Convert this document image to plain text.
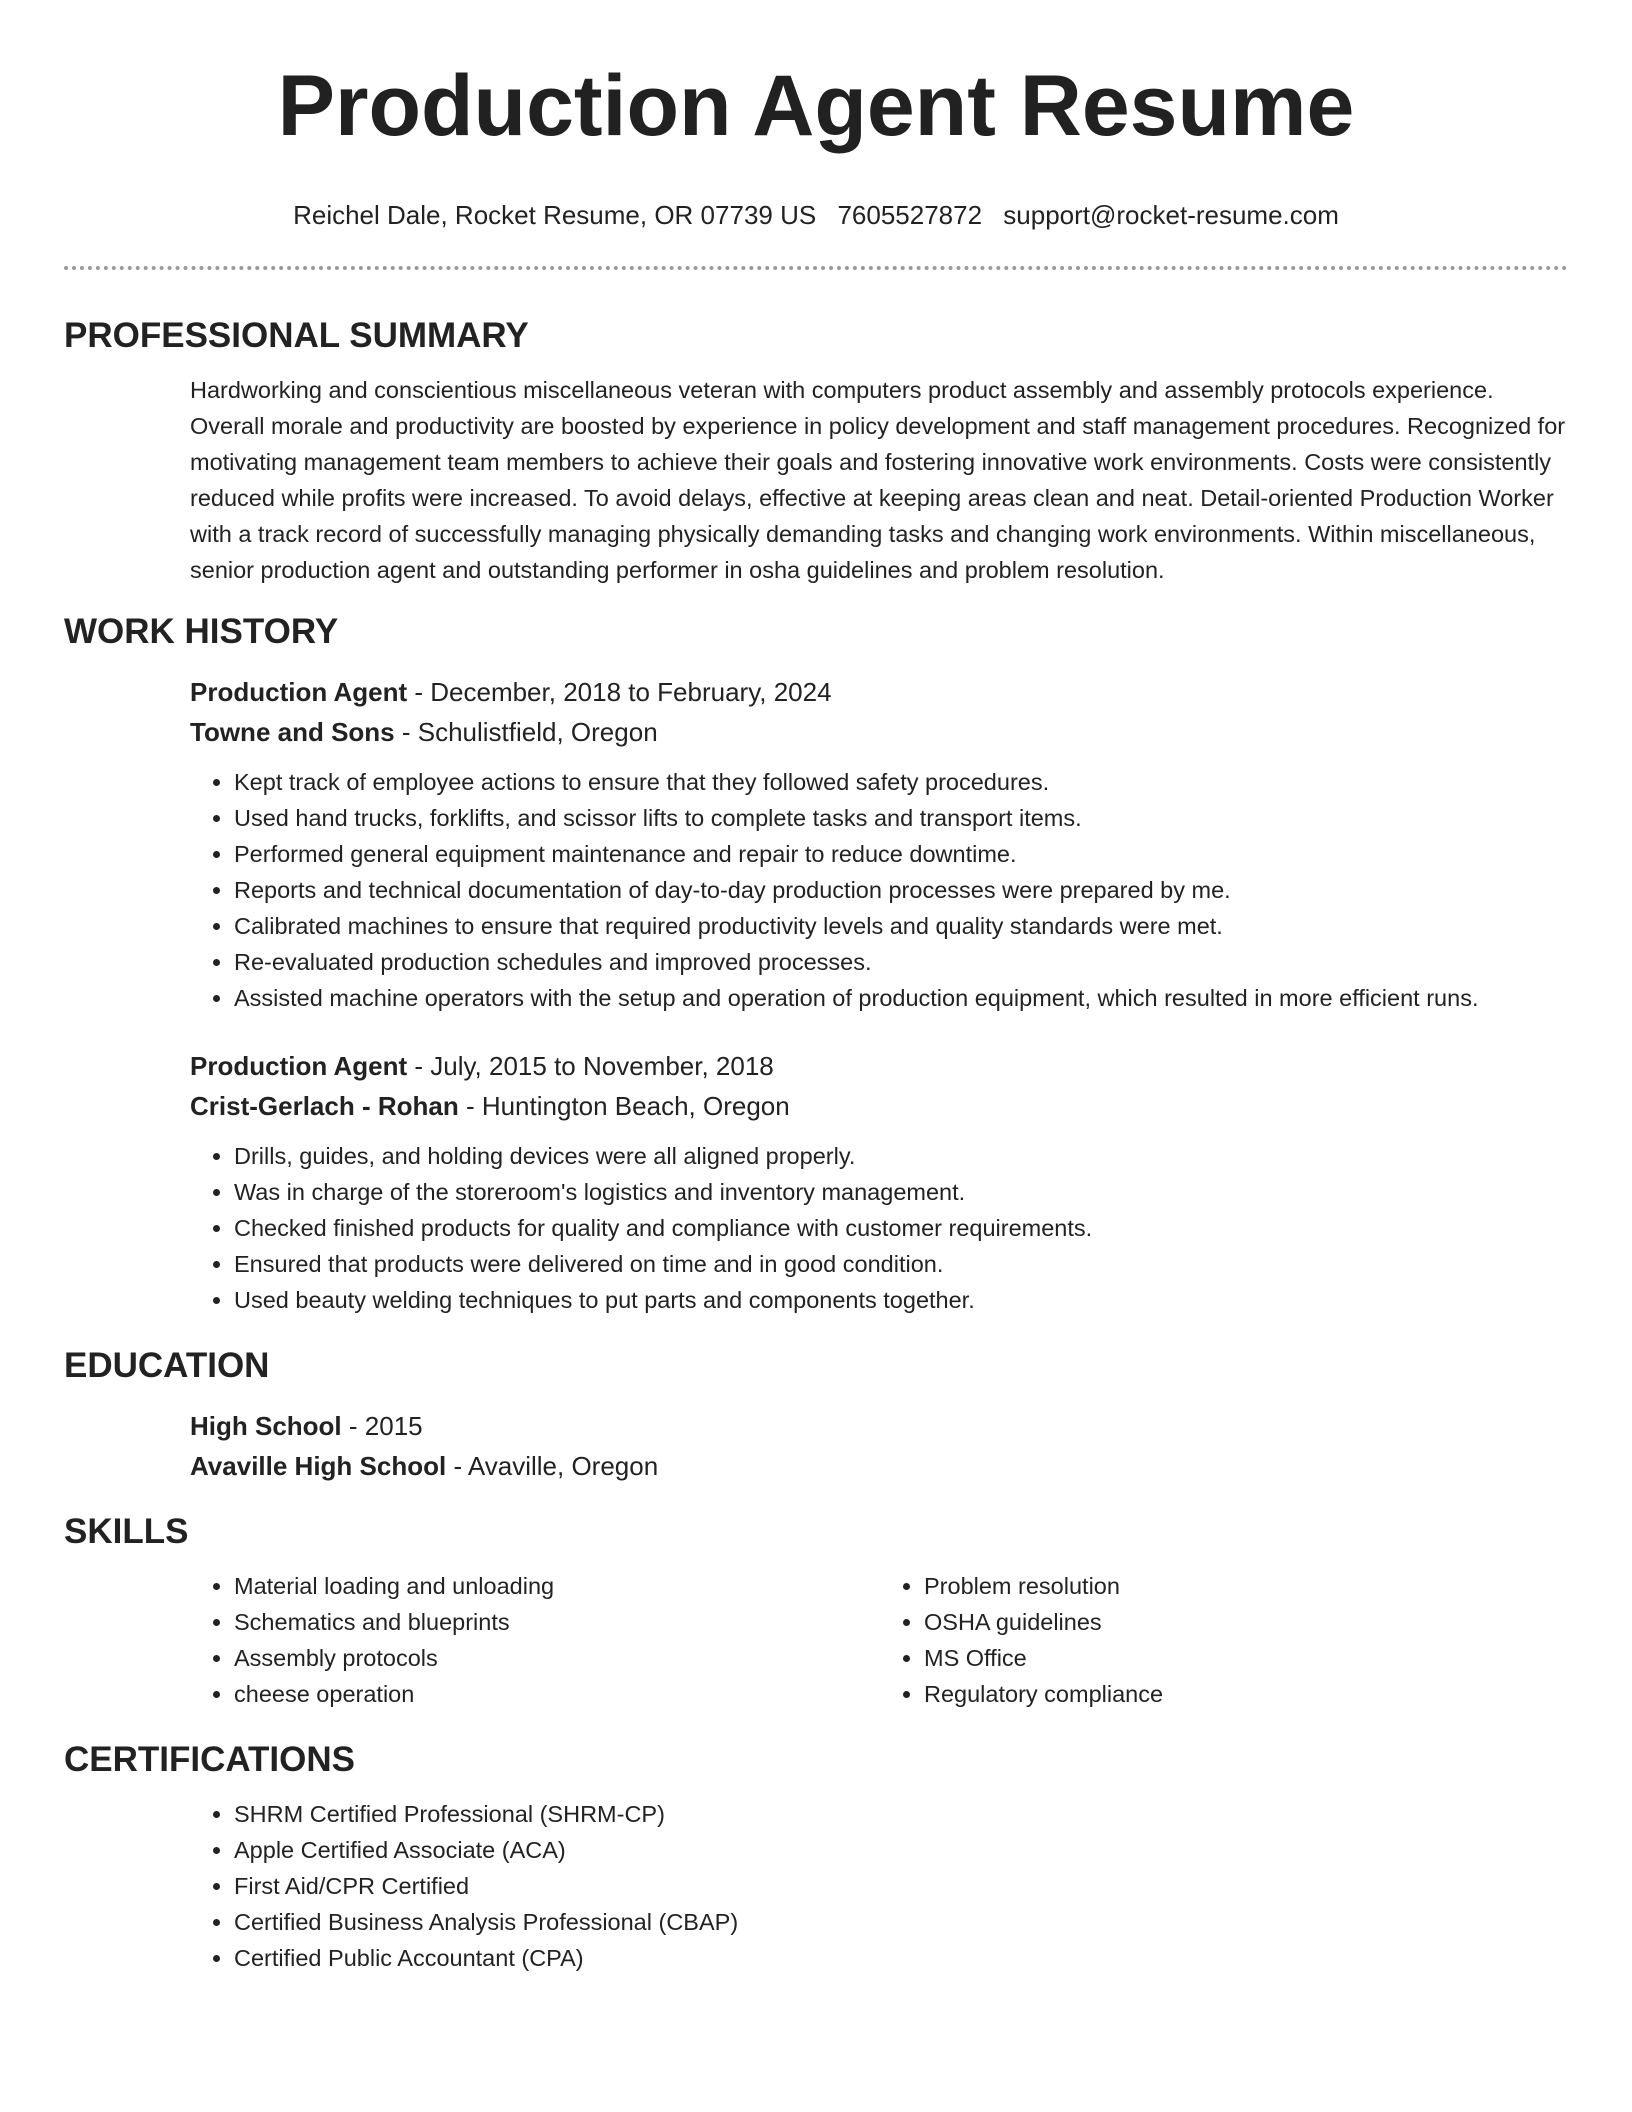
Production Agent Resume
Reichel Dale, Rocket Resume, OR 07739 US 7605527872 support@rocket-resume.com
PROFESSIONAL SUMMARY

Hardworking and conscientious miscellaneous veteran with computers product assembly and assembly protocols experience. Overall morale and productivity are boosted by experience in policy development and staff management procedures. Recognized for motivating management team members to achieve their goals and fostering innovative work environments. Costs were consistently reduced while profits were increased. To avoid delays, effective at keeping areas clean and neat. Detail-oriented Production Worker with a track record of successfully managing physically demanding tasks and changing work environments. Within miscellaneous, senior production agent and outstanding performer in osha guidelines and problem resolution.

WORK HISTORY
Production Agent - December, 2018 to February, 2024
Towne and Sons - Schulistfield, Oregon
• Kept track of employee actions to ensure that they followed safety procedures.
• Used hand trucks, forklifts, and scissor lifts to complete tasks and transport items.
• Performed general equipment maintenance and repair to reduce downtime.
• Reports and technical documentation of day-to-day production processes were prepared by me.
• Calibrated machines to ensure that required productivity levels and quality standards were met.
• Re-evaluated production schedules and improved processes.
• Assisted machine operators with the setup and operation of production equipment, which resulted in more efficient runs.
Production Agent - July, 2015 to November, 2018
Crist-Gerlach - Rohan - Huntington Beach, Oregon
• Drills, guides, and holding devices were all aligned properly.
• Was in charge of the storeroom's logistics and inventory management.
• Checked finished products for quality and compliance with customer requirements.
• Ensured that products were delivered on time and in good condition.
• Used beauty welding techniques to put parts and components together.
EDUCATION
High School - 2015
Avaville High School - Avaville, Oregon
SKILLS
• Material loading and unloading
• Schematics and blueprints
• Assembly protocols
• cheese operation
• Problem resolution
• OSHA guidelines
• MS Office
• Regulatory compliance
CERTIFICATIONS
• SHRM Certified Professional (SHRM-CP)
• Apple Certified Associate (ACA)
• First Aid/CPR Certified
• Certified Business Analysis Professional (CBAP)
• Certified Public Accountant (CPA)
